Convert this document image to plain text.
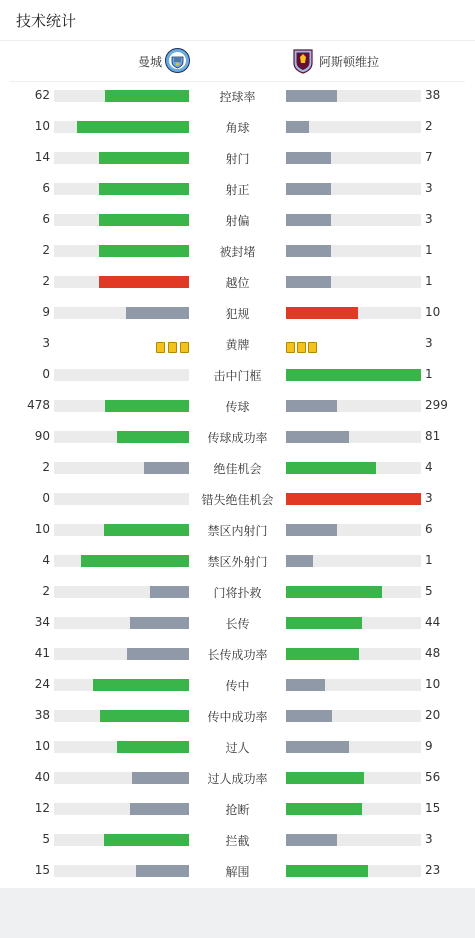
技术统计
曼城	阿斯顿维拉
62	控球率	38
10	角球	2
14	射门	7
6	射正	3
6	射偏	3
2	被封堵	1
2	越位	1
9	犯规	10
3	黄牌	3
0	击中门框	1
478	传球	299
90	传球成功率	81
2	绝佳机会	4
0	错失绝佳机会	3
10	禁区内射门	6
4	禁区外射门	1
2	门将扑救	5
34	长传	44
41	长传成功率	48
24	传中	10
38	传中成功率	20
10	过人	9
40	过人成功率	56
12	抢断	15
5	拦截	3
15	解围	23
